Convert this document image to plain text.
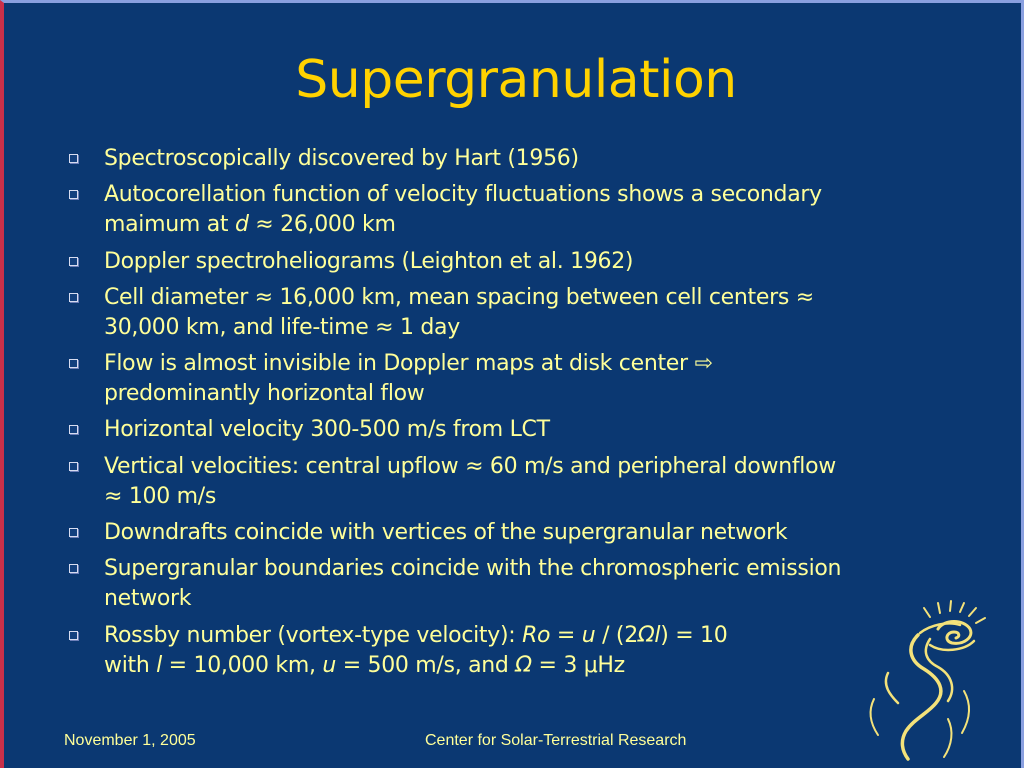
Supergranulation
Spectroscopically discovered by Hart (1956)
Autocorellation function of velocity fluctuations shows a secondary
maimum at d ≈ 26,000 km
Doppler spectroheliograms (Leighton et al. 1962)
Cell diameter ≈ 16,000 km, mean spacing between cell centers ≈
30,000 km, and life-time ≈ 1 day
Flow is almost invisible in Doppler maps at disk center ⇨
predominantly horizontal flow
Horizontal velocity 300-500 m/s from LCT
Vertical velocities: central upflow ≈ 60 m/s and peripheral downflow
≈ 100 m/s
Downdrafts coincide with vertices of the supergranular network
Supergranular boundaries coincide with the chromospheric emission
network
Rossby number (vortex-type velocity): Ro = u / (2Ωl) = 10
with l = 10,000 km, u = 500 m/s, and Ω = 3 μHz
November 1, 2005	Center for Solar-Terrestrial Research
